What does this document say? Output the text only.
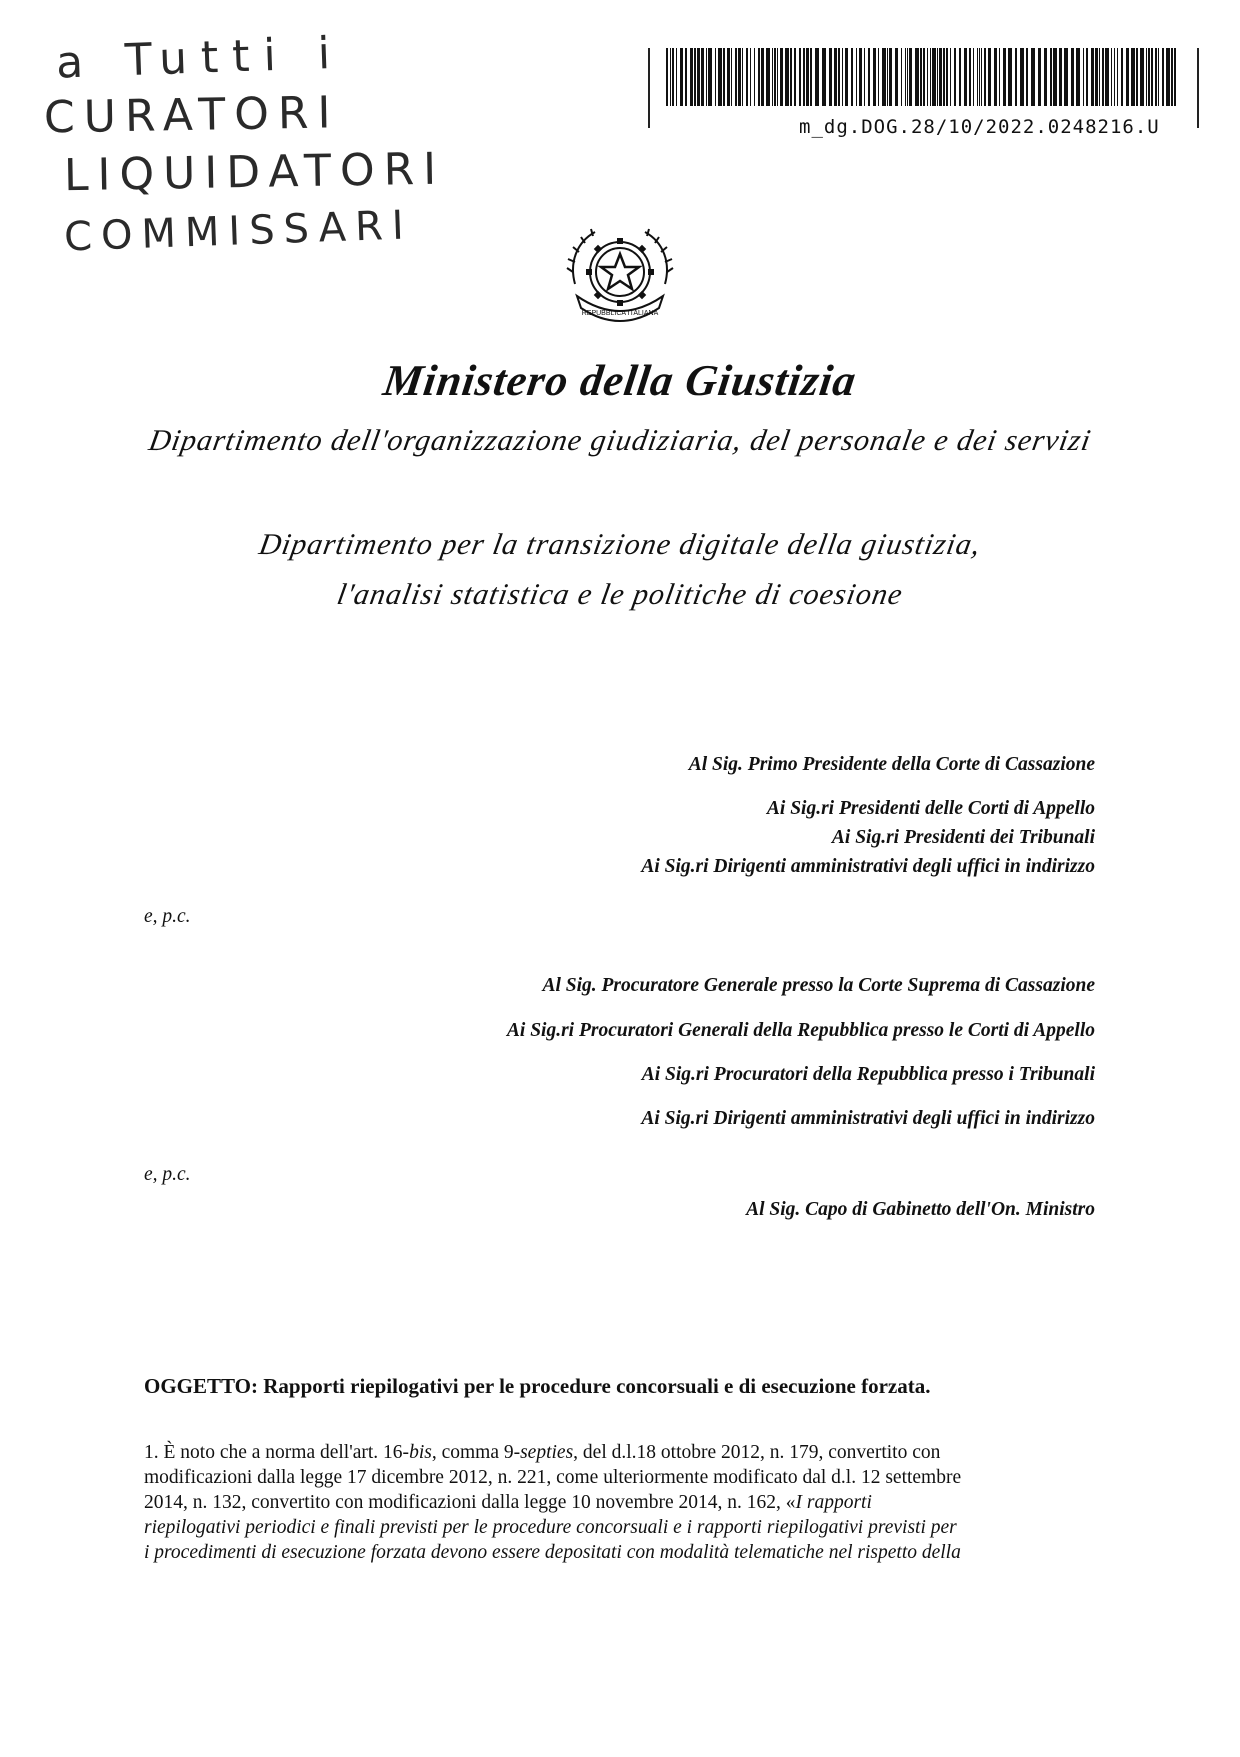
a Tutti i
CURATORI
LIQUIDATORI
COMMISSARI
m_dg.DOG.28/10/2022.0248216.U
REPUBBLICA ITALIANA
Ministero della Giustizia
Dipartimento dell'organizzazione giudiziaria, del personale e dei servizi
Dipartimento per la transizione digitale della giustizia,
l'analisi statistica e le politiche di coesione
Al Sig. Primo Presidente della Corte di Cassazione
Ai Sig.ri Presidenti delle Corti di Appello
Ai Sig.ri Presidenti dei Tribunali
Ai Sig.ri Dirigenti amministrativi degli uffici in indirizzo
e, p.c.
Al Sig. Procuratore Generale presso la Corte Suprema di Cassazione
Ai Sig.ri Procuratori Generali della Repubblica presso le Corti di Appello
Ai Sig.ri Procuratori della Repubblica presso i Tribunali
Ai Sig.ri Dirigenti amministrativi degli uffici in indirizzo
e, p.c.
Al Sig. Capo di Gabinetto dell'On. Ministro
OGGETTO: Rapporti riepilogativi per le procedure concorsuali e di esecuzione forzata.
1. È noto che a norma dell'art. 16-bis, comma 9-septies, del d.l.18 ottobre 2012, n. 179, convertito con
modificazioni dalla legge 17 dicembre 2012, n. 221, come ulteriormente modificato dal d.l. 12 settembre
2014, n. 132, convertito con modificazioni dalla legge 10 novembre 2014, n. 162, «I rapporti
riepilogativi periodici e finali previsti per le procedure concorsuali e i rapporti riepilogativi previsti per
i procedimenti di esecuzione forzata devono essere depositati con modalità telematiche nel rispetto della
